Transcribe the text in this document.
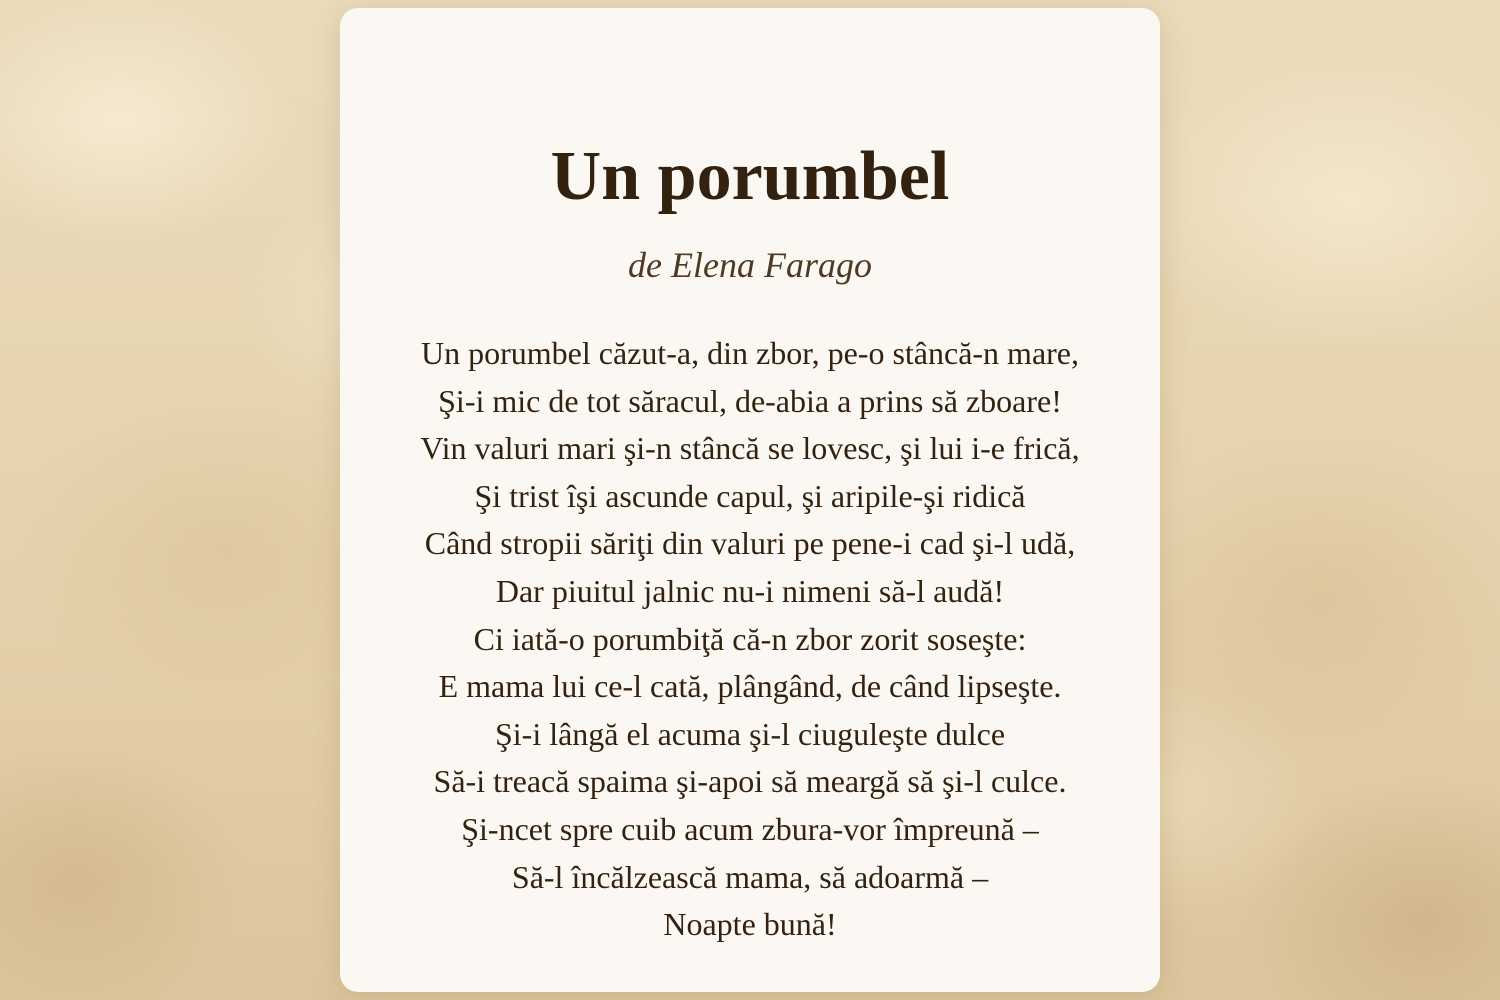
Un porumbel

de Elena Farago

Un porumbel căzut-a, din zbor, pe-o stâncă-n mare,
Şi-i mic de tot săracul, de-abia a prins să zboare!
Vin valuri mari şi-n stâncă se lovesc, şi lui i-e frică,
Şi trist îşi ascunde capul, şi aripile-şi ridică
Când stropii săriţi din valuri pe pene-i cad şi-l udă,
Dar piuitul jalnic nu-i nimeni să-l audă!
Ci iată-o porumbiţă că-n zbor zorit soseşte:
E mama lui ce-l cată, plângând, de când lipseşte.
Şi-i lângă el acuma şi-l ciuguleşte dulce
Să-i treacă spaima şi-apoi să meargă să şi-l culce.
Şi-ncet spre cuib acum zbura-vor împreună –
Să-l încălzească mama, să adoarmă –
Noapte bună!
